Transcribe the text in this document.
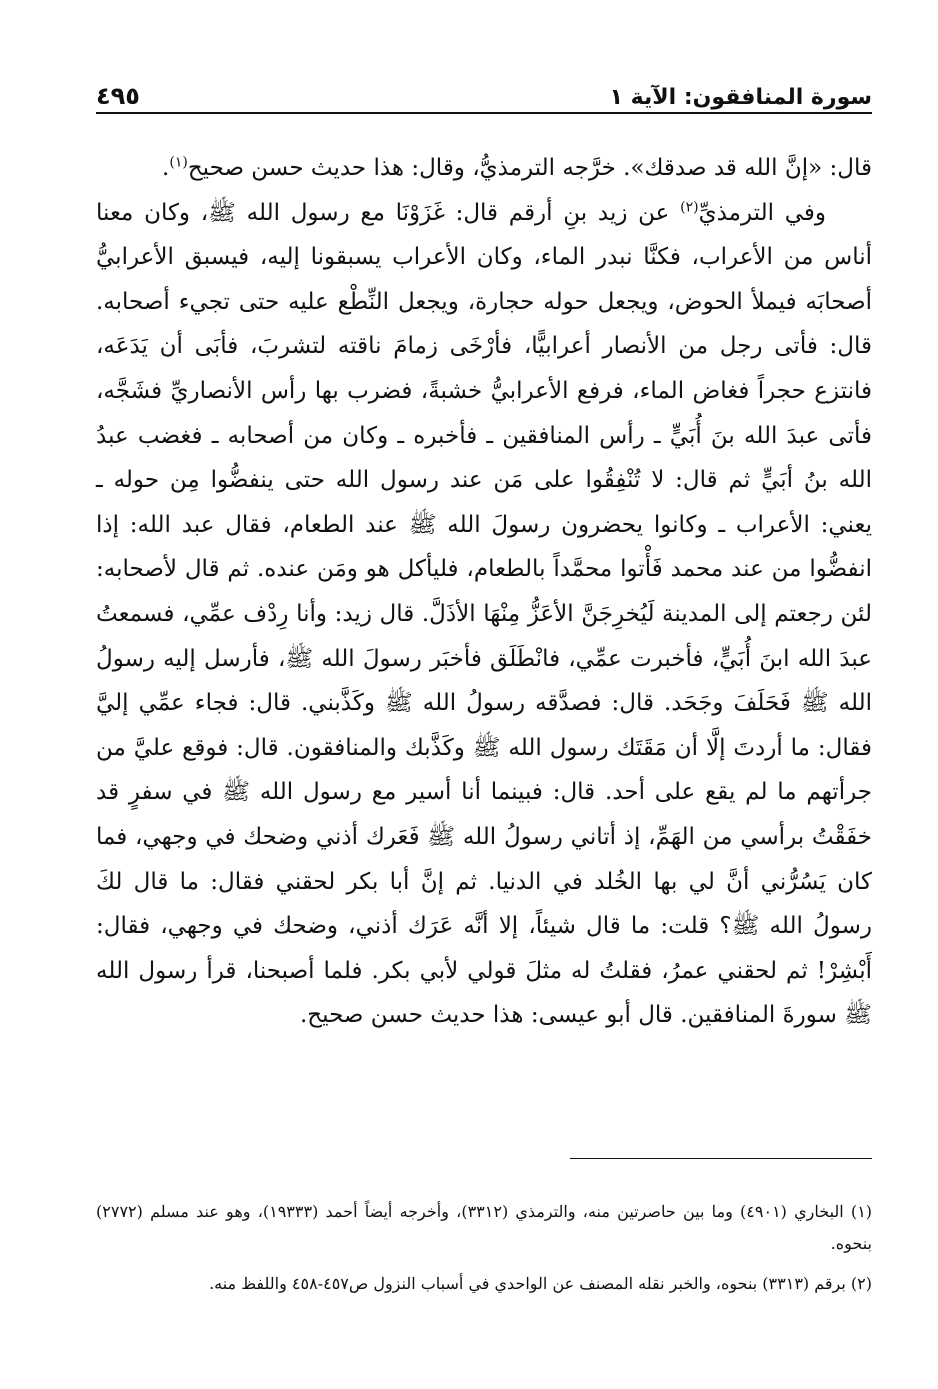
سورة المنافقون: الآية ١
٤٩٥

قال: «إنَّ الله قد صدقك». خرَّجه الترمذيُّ، وقال: هذا حديث حسن صحيح$^{(١)}$.

وفي الترمذيِّ$^{(٢)}$ عن زيد بنِ أرقم قال: غَزَوْنَا مع رسول الله ﷺ، وكان معنا أناس من الأعراب، فكنَّا نبدر الماء، وكان الأعراب يسبقونا إليه، فيسبق الأعرابيُّ أصحابَه فيملأ الحوض، ويجعل حوله حجارة، ويجعل النِّطْع عليه حتى تجيء أصحابه. قال: فأتى رجل من الأنصار أعرابيًّا، فأرْخَى زمامَ ناقته لتشربَ، فأبَى أن يَدَعَه، فانتزع حجراً فغاض الماء، فرفع الأعرابيُّ خشبةً، فضرب بها رأس الأنصاريِّ فشَجَّه، فأتى عبدَ الله بنَ أُبَيٍّ ـ رأس المنافقين ـ فأخبره ـ وكان من أصحابه ـ فغضب عبدُ الله بنُ أبَيٍّ ثم قال: لا تُنْفِقُوا على مَن عند رسول الله حتى ينفضُّوا مِن حوله ـ يعني: الأعراب ـ وكانوا يحضرون رسولَ الله ﷺ عند الطعام، فقال عبد الله: إذا انفضُّوا من عند محمد فَأْتوا محمَّداً بالطعام، فليأكل هو ومَن عنده. ثم قال لأصحابه: لئن رجعتم إلى المدينة لَيُخرِجَنَّ الأعَزُّ مِنْهَا الأذَلَّ. قال زيد: وأنا رِدْف عمِّي، فسمعتُ عبدَ الله ابنَ أُبَيٍّ، فأخبرت عمِّي، فانْطَلَق فأخبَر رسولَ الله ﷺ، فأرسل إليه رسولُ الله ﷺ فَحَلَفَ وجَحَد. قال: فصدَّقه رسولُ الله ﷺ وكَذَّبني. قال: فجاء عمِّي إليَّ فقال: ما أردتَ إلَّا أن مَقَتَك رسول الله ﷺ وكَذَّبك والمنافقون. قال: فوقع عليَّ من جرأتهم ما لم يقع على أحد. قال: فبينما أنا أسير مع رسول الله ﷺ في سفرٍ قد خفَقْتُ برأسي من الهَمِّ، إذ أتاني رسولُ الله ﷺ فَعَرك أذني وضحك في وجهي، فما كان يَسُرُّني أنَّ لي بها الخُلد في الدنيا. ثم إنَّ أبا بكر لحقني فقال: ما قال لكَ رسولُ الله ﷺ؟ قلت: ما قال شيئاً، إلا أنَّه عَرَك أذني، وضحك في وجهي، فقال: أَبْشِرْ! ثم لحقني عمرُ، فقلتُ له مثلَ قولي لأبي بكر. فلما أصبحنا، قرأ رسول الله ﷺ سورةَ المنافقين. قال أبو عيسى: هذا حديث حسن صحيح.

(١) البخاري (٤٩٠١) وما بين حاصرتين منه، والترمذي (٣٣١٢)، وأخرجه أيضاً أحمد (١٩٣٣٣)، وهو عند مسلم (٢٧٧٢) بنحوه.

(٢) برقم (٣٣١٣) بنحوه، والخبر نقله المصنف عن الواحدي في أسباب النزول ص٤٥٧-٤٥٨ واللفظ منه.
